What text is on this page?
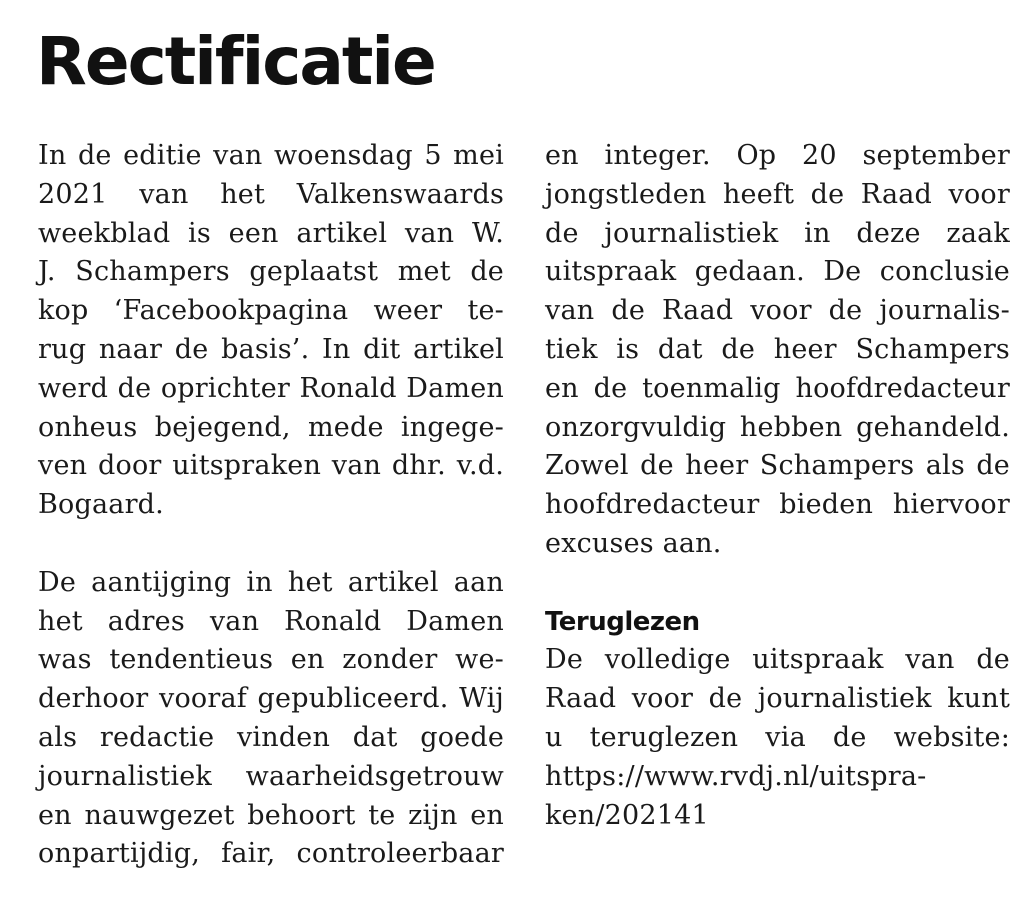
Rectificatie
In de editie van woensdag 5 mei
2021 van het Valkenswaards
weekblad is een artikel van W.
J. Schampers geplaatst met de
kop ‘Facebookpagina weer te-
rug naar de basis’. In dit artikel
werd de oprichter Ronald Damen
onheus bejegend, mede ingege-
ven door uitspraken van dhr. v.d.
Bogaard.
De aantijging in het artikel aan
het adres van Ronald Damen
was tendentieus en zonder we-
derhoor vooraf gepubliceerd. Wij
als redactie vinden dat goede
journalistiek waarheidsgetrouw
en nauwgezet behoort te zijn en
onpartijdig, fair, controleerbaar
en integer. Op 20 september
jongstleden heeft de Raad voor
de journalistiek in deze zaak
uitspraak gedaan. De conclusie
van de Raad voor de journalis-
tiek is dat de heer Schampers
en de toenmalig hoofdredacteur
onzorgvuldig hebben gehandeld.
Zowel de heer Schampers als de
hoofdredacteur bieden hiervoor
excuses aan.
Teruglezen
De volledige uitspraak van de
Raad voor de journalistiek kunt
u teruglezen via de website:
https://www.rvdj.nl/uitspra-
ken/202141
